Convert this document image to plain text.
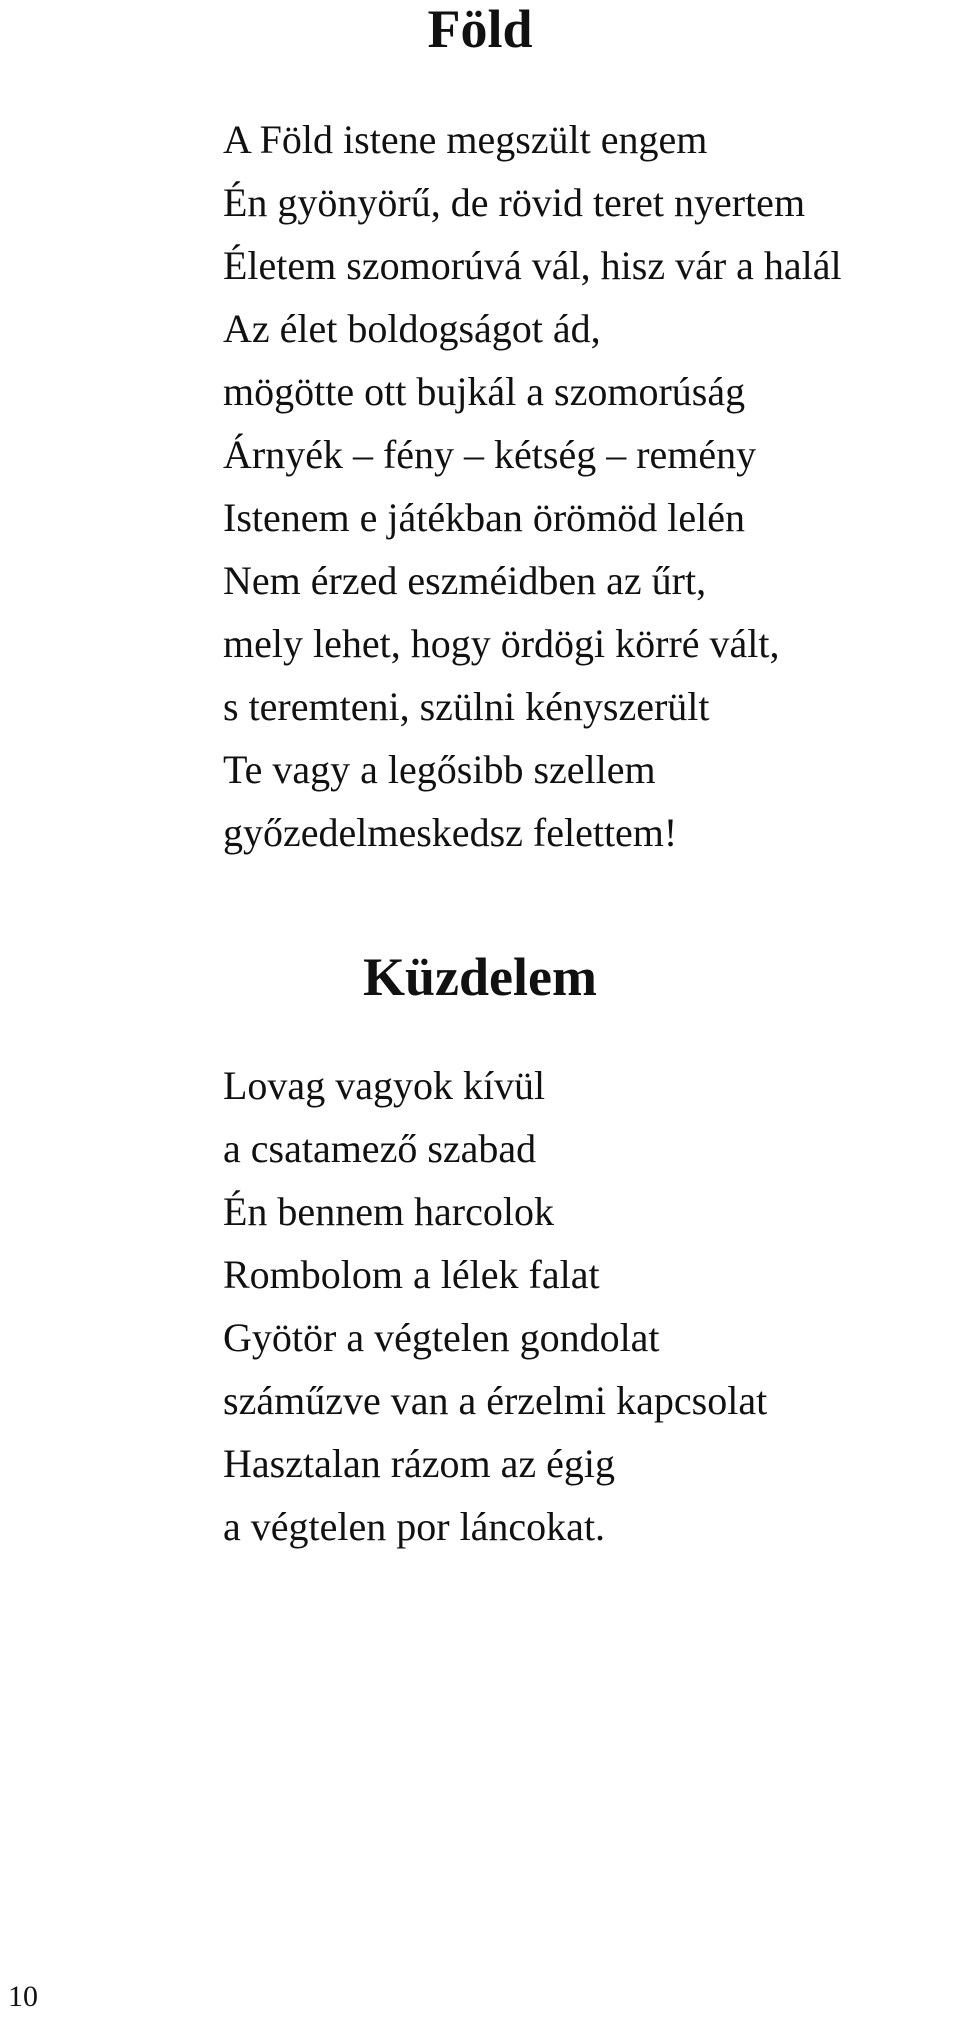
Föld
A Föld istene megszült engem
Én gyönyörű, de rövid teret nyertem
Életem szomorúvá vál, hisz vár a halál
Az élet boldogságot ád,
mögötte ott bujkál a szomorúság
Árnyék – fény – kétség – remény
Istenem e játékban örömöd lelén
Nem érzed eszméidben az űrt,
mely lehet, hogy ördögi körré vált,
s teremteni, szülni kényszerült
Te vagy a legősibb szellem
győzedelmeskedsz felettem!
Küzdelem
Lovag vagyok kívül
a csatamező szabad
Én bennem harcolok
Rombolom a lélek falat
Gyötör a végtelen gondolat
száműzve van a érzelmi kapcsolat
Hasztalan rázom az égig
a végtelen por láncokat.
10
